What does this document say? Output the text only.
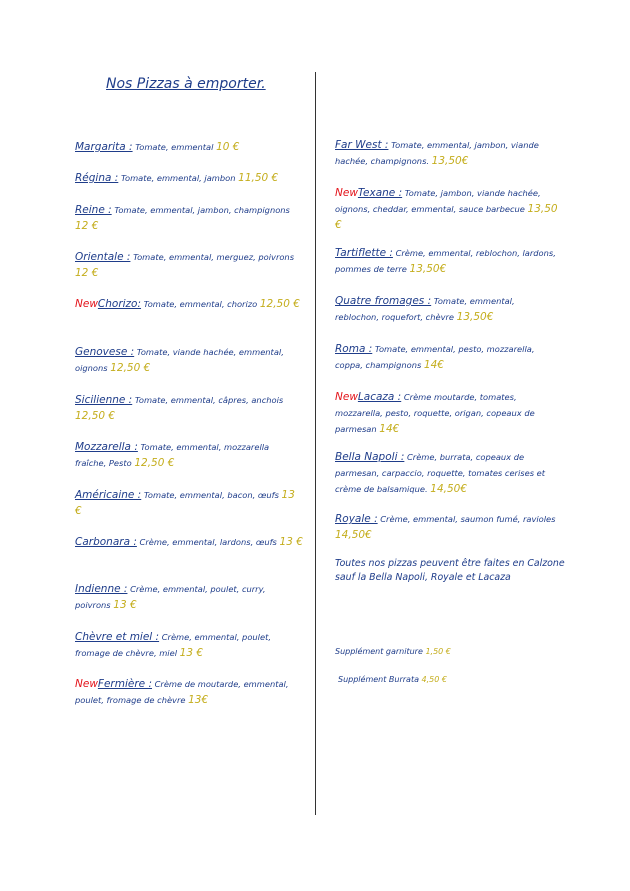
Nos Pizzas à emporter.
Margarita : Tomate, emmental 10 €
Régina : Tomate, emmental, jambon 11,50 €
Reine : Tomate, emmental, jambon, champignons 12 €
Orientale : Tomate, emmental, merguez, poivrons 12 €
NewChorizo: Tomate, emmental, chorizo 12,50 €
Genovese : Tomate, viande hachée, emmental, oignons 12,50 €
Sicilienne : Tomate, emmental, câpres, anchois 12,50 €
Mozzarella : Tomate, emmental, mozzarella fraîche, Pesto 12,50 €
Américaine : Tomate, emmental, bacon, œufs 13 €
Carbonara : Crème, emmental, lardons, œufs 13 €
Indienne : Crème, emmental, poulet, curry, poivrons 13 €
Chèvre et miel : Crème, emmental, poulet, fromage de chèvre, miel 13 €
NewFermière : Crème de moutarde, emmental, poulet, fromage de chèvre 13€
Far West : Tomate, emmental, jambon, viande hachée, champignons. 13,50€
NewTexane : Tomate, jambon, viande hachée, oignons, cheddar, emmental, sauce barbecue 13,50 €
Tartiflette : Crème, emmental, reblochon, lardons, pommes de terre 13,50€
Quatre fromages : Tomate, emmental, reblochon, roquefort, chèvre 13,50€
Roma : Tomate, emmental, pesto, mozzarella, coppa, champignons 14€
NewLacaza : Crème moutarde, tomates, mozzarella, pesto, roquette, origan, copeaux de parmesan 14€
Bella Napoli : Crème, burrata, copeaux de parmesan, carpaccio, roquette, tomates cerises et crème de balsamique. 14,50€
Royale : Crème, emmental, saumon fumé, ravioles 14,50€
Toutes nos pizzas peuvent être faites en Calzone sauf la Bella Napoli, Royale et Lacaza
Supplément garniture 1,50 €
Supplément Burrata 4,50 €
